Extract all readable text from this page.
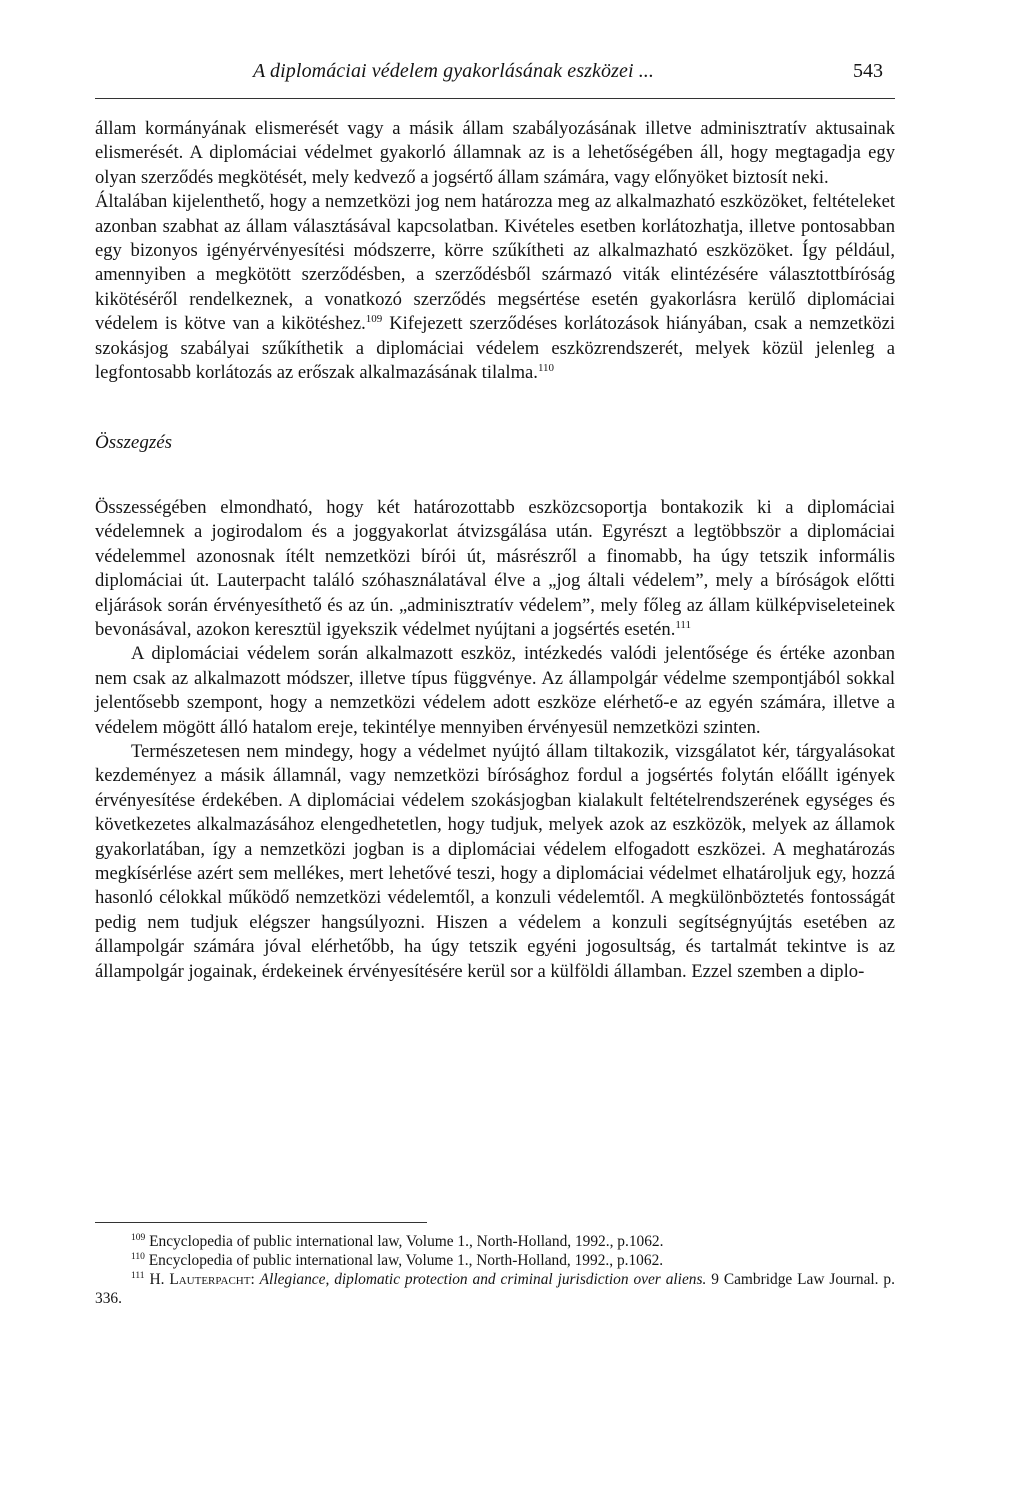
A diplomáciai védelem gyakorlásának eszközei ...	543

állam kormányának elismerését vagy a másik állam szabályozásának illetve adminisztratív aktusainak elismerését. A diplomáciai védelmet gyakorló államnak az is a lehetőségében áll, hogy megtagadja egy olyan szerződés megkötését, mely kedvező a jogsértő állam számára, vagy előnyöket biztosít neki.

Általában kijelenthető, hogy a nemzetközi jog nem határozza meg az alkalmazható eszközöket, feltételeket azonban szabhat az állam választásával kapcsolatban. Kivételes esetben korlátozhatja, illetve pontosabban egy bizonyos igényérvényesítési módszerre, körre szűkítheti az alkalmazható eszközöket. Így például, amennyiben a megkötött szerződésben, a szerződésből származó viták elintézésére választottbíróság kikötéséről rendelkeznek, a vonatkozó szerződés megsértése esetén gyakorlásra kerülő diplomáciai védelem is kötve van a kikötéshez.$^{109}$ Kifejezett szerződéses korlátozások hiányában, csak a nemzetközi szokásjog szabályai szűkíthetik a diplomáciai védelem eszközrendszerét, melyek közül jelenleg a legfontosabb korlátozás az erőszak alkalmazásának tilalma.$^{110}$

Összegzés

Összességében elmondható, hogy két határozottabb eszközcsoportja bontakozik ki a diplomáciai védelemnek a jogirodalom és a joggyakorlat átvizsgálása után. Egyrészt a legtöbbször a diplomáciai védelemmel azonosnak ítélt nemzetközi bírói út, másrészről a finomabb, ha úgy tetszik informális diplomáciai út. Lauterpacht találó szóhasználatával élve a „jog általi védelem”, mely a bíróságok előtti eljárások során érvényesíthető és az ún. „adminisztratív védelem”, mely főleg az állam külképviseleteinek bevonásával, azokon keresztül igyekszik védelmet nyújtani a jogsértés esetén.$^{111}$

A diplomáciai védelem során alkalmazott eszköz, intézkedés valódi jelentősége és értéke azonban nem csak az alkalmazott módszer, illetve típus függvénye. Az állampolgár védelme szempontjából sokkal jelentősebb szempont, hogy a nemzetközi védelem adott eszköze elérhető-e az egyén számára, illetve a védelem mögött álló hatalom ereje, tekintélye mennyiben érvényesül nemzetközi szinten.

Természetesen nem mindegy, hogy a védelmet nyújtó állam tiltakozik, vizsgálatot kér, tárgyalásokat kezdeményez a másik államnál, vagy nemzetközi bírósághoz fordul a jogsértés folytán előállt igények érvényesítése érdekében. A diplomáciai védelem szokásjogban kialakult feltételrendszerének egységes és következetes alkalmazásához elengedhetetlen, hogy tudjuk, melyek azok az eszközök, melyek az államok gyakorlatában, így a nemzetközi jogban is a diplomáciai védelem elfogadott eszközei. A meghatározás megkísérlése azért sem mellékes, mert lehetővé teszi, hogy a diplomáciai védelmet elhatároljuk egy, hozzá hasonló célokkal működő nemzetközi védelemtől, a konzuli védelemtől. A megkülönböztetés fontosságát pedig nem tudjuk elégszer hangsúlyozni. Hiszen a védelem a konzuli segítségnyújtás esetében az állampolgár számára jóval elérhetőbb, ha úgy tetszik egyéni jogosultság, és tartalmát tekintve is az állampolgár jogainak, érdekeinek érvényesítésére kerül sor a külföldi államban. Ezzel szemben a diplo-

$^{109}$ Encyclopedia of public international law, Volume 1., North-Holland, 1992., p.1062.

$^{110}$ Encyclopedia of public international law, Volume 1., North-Holland, 1992., p.1062.

$^{111}$ H. Lauterpacht: Allegiance, diplomatic protection and criminal jurisdiction over aliens. 9 Cambridge Law Journal. p. 336.
